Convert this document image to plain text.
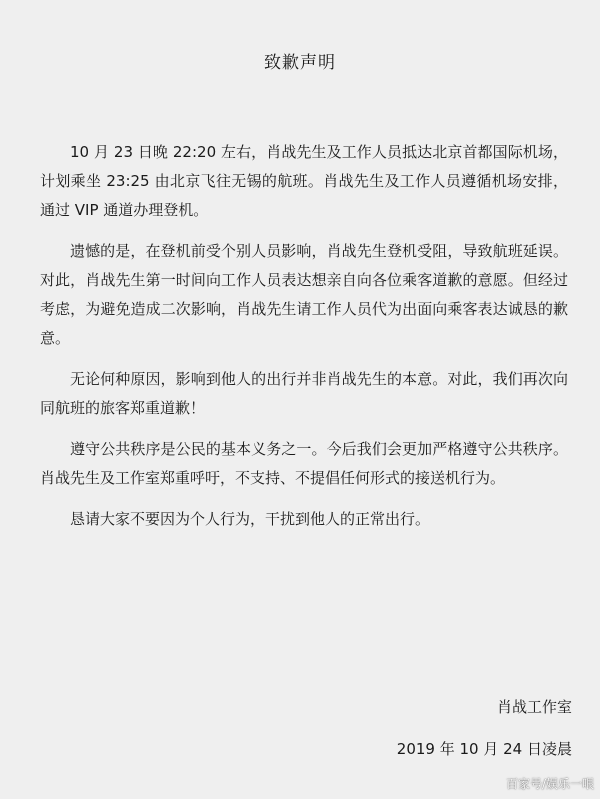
致歉声明

10 月 23 日晚 22:20 左右，肖战先生及工作人员抵达北京首都国际机场，计划乘坐 23:25 由北京飞往无锡的航班。肖战先生及工作人员遵循机场安排，通过 VIP 通道办理登机。

遗憾的是，在登机前受个别人员影响，肖战先生登机受阻，导致航班延误。对此，肖战先生第一时间向工作人员表达想亲自向各位乘客道歉的意愿。但经过考虑，为避免造成二次影响，肖战先生请工作人员代为出面向乘客表达诚恳的歉意。

无论何种原因，影响到他人的出行并非肖战先生的本意。对此，我们再次向同航班的旅客郑重道歉！

遵守公共秩序是公民的基本义务之一。今后我们会更加严格遵守公共秩序。肖战先生及工作室郑重呼吁，不支持、不提倡任何形式的接送机行为。

恳请大家不要因为个人行为，干扰到他人的正常出行。

肖战工作室
2019 年 10 月 24 日凌晨
百家号/娱乐一哏
